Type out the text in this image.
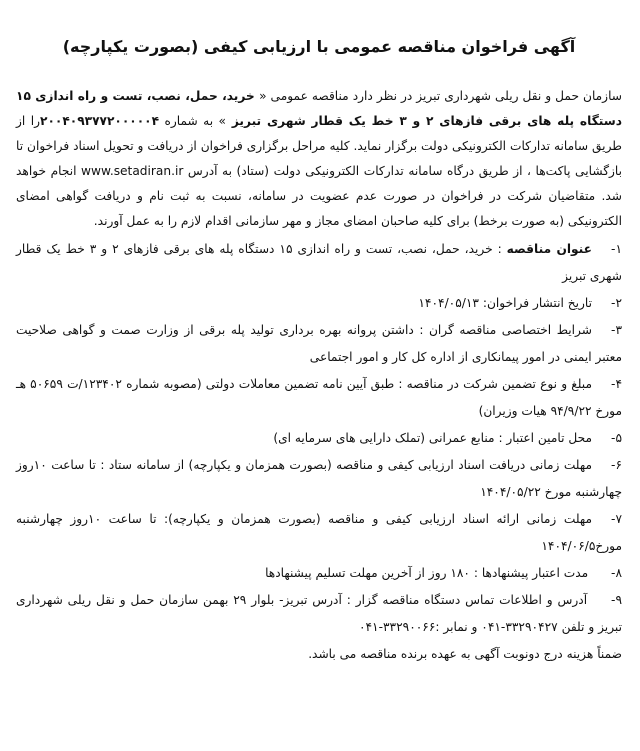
آگهی فراخوان مناقصه عمومی با ارزیابی کیفی (بصورت یکپارچه)

سازمان حمل و نقل ریلی شهرداری تبریز در نظر دارد مناقصه عمومی « خرید، حمل، نصب، تست و راه اندازی ۱۵ دستگاه پله های برقی فازهای ۲ و ۳ خط یک قطار شهری تبریز » به شماره ۲۰۰۴۰۹۳۷۷۲۰۰۰۰۰۴را از طریق سامانه تدارکات الکترونیکی دولت برگزار نماید. کلیه مراحل برگزاری فراخوان از دریافت و تحویل اسناد فراخوان تا بازگشایی پاکت‌ها ، از طریق درگاه سامانه تدارکات الکترونیکی دولت (ستاد) به آدرس www.setadiran.ir انجام خواهد شد. متقاضیان شرکت در فراخوان در صورت عدم عضویت در سامانه، نسبت به ثبت نام و دریافت گواهی امضای الکترونیکی (به صورت برخط) برای کلیه صاحبان امضای مجاز و مهر سازمانی اقدام لازم را به عمل آورند.

۱-عنوان مناقصه : خرید، حمل، نصب، تست و راه اندازی ۱۵ دستگاه پله های برقی فازهای ۲ و ۳ خط یک قطار شهری تبریز
۲-تاریخ انتشار فراخوان: ۱۴۰۴/۰۵/۱۳
۳-شرایط اختصاصی مناقصه گران : داشتن پروانه بهره برداری تولید پله برقی از وزارت صمت و گواهی صلاحیت معتبر ایمنی در امور پیمانکاری از اداره کل کار و امور اجتماعی
۴-مبلغ و نوع تضمین شرکت در مناقصه : طبق آیین نامه تضمین معاملات دولتی (مصوبه شماره ۱۲۳۴۰۲/ت ۵۰۶۵۹ هـ مورخ ۹۴/۹/۲۲ هیات وزیران)
۵-محل تامین اعتبار : منابع عمرانی (تملک دارایی های سرمایه ای)
۶-مهلت زمانی دریافت اسناد ارزیابی کیفی و مناقصه (بصورت همزمان و یکپارچه) از سامانه ستاد : تا ساعت ۱۰روز چهارشنبه مورخ ۱۴۰۴/۰۵/۲۲
۷-مهلت زمانی ارائه اسناد ارزیابی کیفی و مناقصه (بصورت همزمان و یکپارچه): تا ساعت ۱۰روز چهارشنبه مورخ۱۴۰۴/۰۶/۵
۸- مدت اعتبار پیشنهادها : ۱۸۰ روز از آخرین مهلت تسلیم پیشنهادها
۹- آدرس و اطلاعات تماس دستگاه مناقصه گزار : آدرس تبریز- بلوار ۲۹ بهمن سازمان حمل و نقل ریلی شهرداری تبریز و تلفن ۳۳۲۹۰۴۲۷-۰۴۱ و نمابر :۳۳۲۹۰۰۶۶-۰۴۱
ضمناً هزینه درج دونوبت آگهی به عهده برنده مناقصه می باشد.
